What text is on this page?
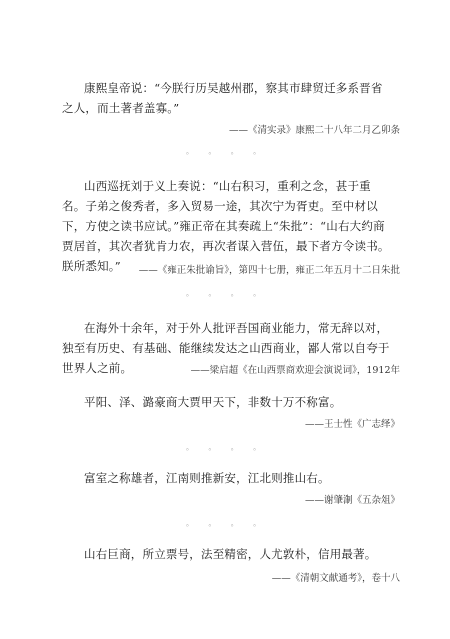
康熙皇帝说：“今朕行历吴越州郡，察其市肆贸迁多系晋省之人，而土著者盖寡。”
——《清实录》康熙二十八年二月乙卯条
◦ ◦ ◦ ◦
山西巡抚刘于义上奏说：“山右积习，重利之念，甚于重名。子弟之俊秀者，多入贸易一途，其次宁为胥吏。至中材以下，方使之读书应试。”雍正帝在其奏疏上“朱批”：“山右大约商贾居首，其次者犹肯力农，再次者谋入营伍，最下者方令读书。朕所悉知。”	——《雍正朱批谕旨》，第四十七册，雍正二年五月十二日朱批
◦ ◦ ◦ ◦
在海外十余年，对于外人批评吾国商业能力，常无辞以对，独至有历史、有基础、能继续发达之山西商业，鄙人常以自夸于世界人之前。	——梁启超《在山西票商欢迎会演说词》，1912年
平阳、泽、潞豪商大贾甲天下，非数十万不称富。
——王士性《广志绎》
◦ ◦ ◦ ◦
富室之称雄者，江南则推新安，江北则推山右。
——谢肇淛《五杂俎》
◦ ◦ ◦ ◦
山右巨商，所立票号，法至精密，人尤敦朴，信用最著。
——《清朝文献通考》，卷十八
